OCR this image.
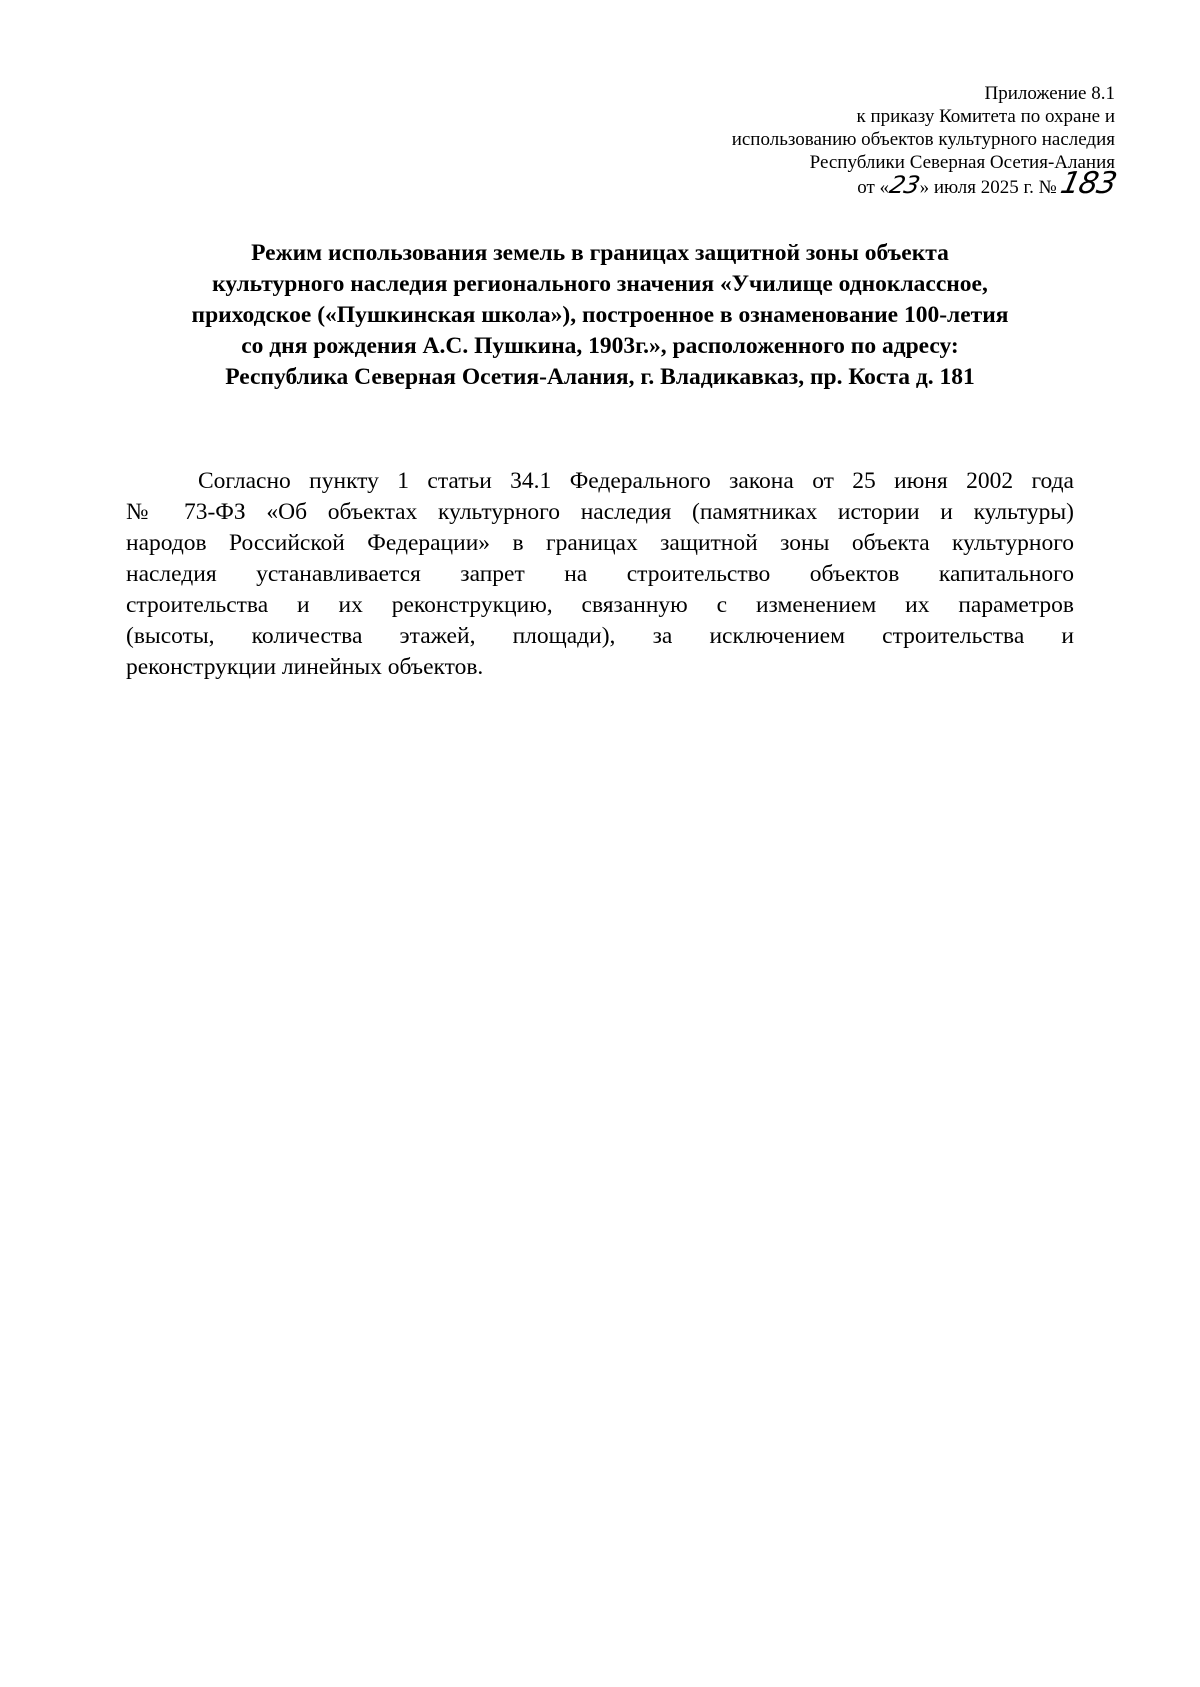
Приложение 8.1
к приказу Комитета по охране и
использованию объектов культурного наследия
Республики Северная Осетия-Алания
от «23» июля 2025 г. №183
Режим использования земель в границах защитной зоны объекта
культурного наследия регионального значения «Училище одноклассное,
приходское («Пушкинская школа»), построенное в ознаменование 100-летия
со дня рождения А.С. Пушкина, 1903г.», расположенного по адресу:
Республика Северная Осетия-Алания, г. Владикавказ, пр. Коста д. 181
Согласно пункту 1 статьи 34.1 Федерального закона от 25 июня 2002 года
№ 73-ФЗ «Об объектах культурного наследия (памятниках истории и культуры)
народов Российской Федерации» в границах защитной зоны объекта культурного
наследия устанавливается запрет на строительство объектов капитального
строительства и их реконструкцию, связанную с изменением их параметров
(высоты, количества этажей, площади), за исключением строительства и
реконструкции линейных объектов.
